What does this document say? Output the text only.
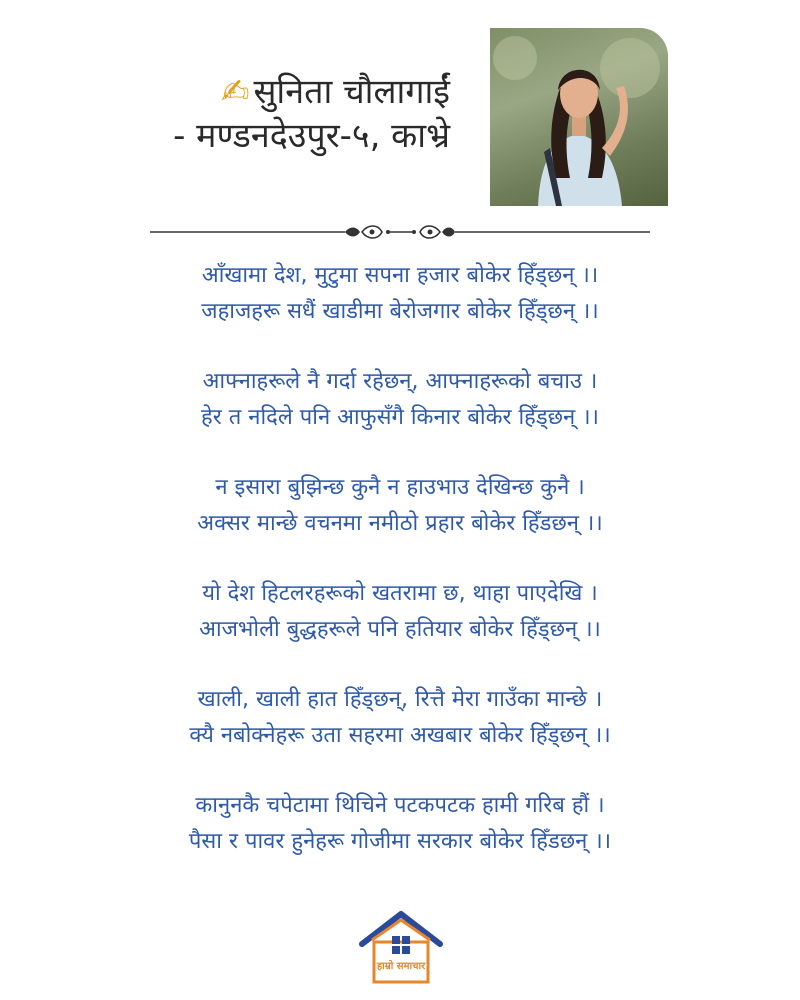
✍ सुनिता चौलागाईं
- मण्डनदेउपुर-५, काभ्रे
आँखामा देश, मुटुमा सपना हजार बोकेर हिँड्छन् ।।
जहाजहरू सधैं खाडीमा बेरोजगार बोकेर हिँड्छन् ।।
आफ्नाहरूले नै गर्दा रहेछन्, आफ्नाहरूको बचाउ ।
हेर त नदिले पनि आफुसँगै किनार बोकेर हिँड्छन् ।।
न इसारा बुझिन्छ कुनै न हाउभाउ देखिन्छ कुनै ।
अक्सर मान्छे वचनमा नमीठो प्रहार बोकेर हिँडछन् ।।
यो देश हिटलरहरूको खतरामा छ, थाहा पाएदेखि ।
आजभोली बुद्धहरूले पनि हतियार बोकेर हिँड्छन् ।।
खाली, खाली हात हिँड्छन्, रित्तै मेरा गाउँका मान्छे ।
क्यै नबोक्नेहरू उता सहरमा अखबार बोकेर हिँड्छन् ।।
कानुनकै चपेटामा थिचिने पटकपटक हामी गरिब हौं ।
पैसा र पावर हुनेहरू गोजीमा सरकार बोकेर हिँडछन् ।।
हाम्रो समाचार
